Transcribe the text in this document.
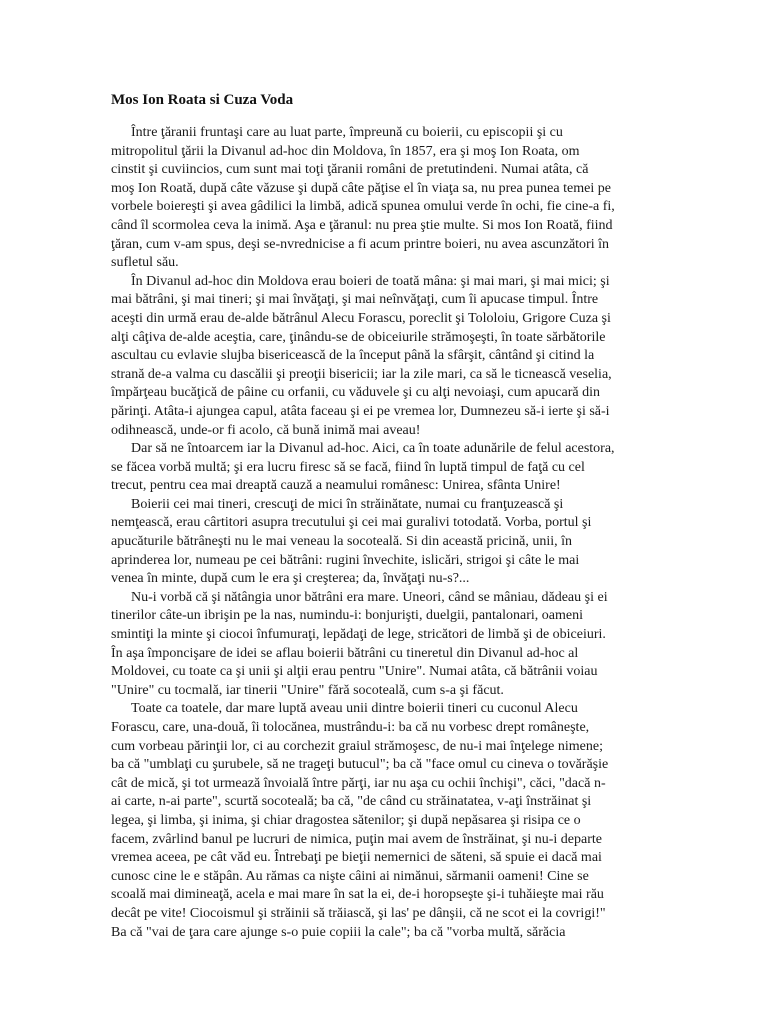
Mos Ion Roata si Cuza Voda
Între ţăranii fruntaşi care au luat parte, împreună cu boierii, cu episcopii şi cu
mitropolitul ţării la Divanul ad-hoc din Moldova, în 1857, era şi moş Ion Roata, om
cinstit şi cuviincios, cum sunt mai toţi ţăranii români de pretutindeni. Numai atâta, că
moş Ion Roată, după câte văzuse şi după câte păţise el în viaţa sa, nu prea punea temei pe
vorbele boiereşti şi avea gâdilici la limbă, adică spunea omului verde în ochi, fie cine-a fi,
când îl scormolea ceva la inimă. Aşa e ţăranul: nu prea ştie multe. Si mos Ion Roată, fiind
ţăran, cum v-am spus, deşi se-nvrednicise a fi acum printre boieri, nu avea ascunzători în
sufletul său.
În Divanul ad-hoc din Moldova erau boieri de toată mâna: şi mai mari, şi mai mici; şi
mai bătrâni, şi mai tineri; şi mai învăţaţi, şi mai neînvăţaţi, cum îi apucase timpul. Între
aceşti din urmă erau de-alde bătrânul Alecu Forascu, poreclit şi Tololoiu, Grigore Cuza şi
alţi câţiva de-alde aceştia, care, ţinându-se de obiceiurile strămoşeşti, în toate sărbătorile
ascultau cu evlavie slujba bisericească de la început până la sfârşit, cântând şi citind la
strană de-a valma cu dascălii şi preoţii bisericii; iar la zile mari, ca să le ticnească veselia,
împărţeau bucăţică de pâine cu orfanii, cu văduvele şi cu alţi nevoiaşi, cum apucară din
părinţi. Atâta-i ajungea capul, atâta faceau şi ei pe vremea lor, Dumnezeu să-i ierte şi să-i
odihnească, unde-or fi acolo, că bună inimă mai aveau!
Dar să ne întoarcem iar la Divanul ad-hoc. Aici, ca în toate adunările de felul acestora,
se făcea vorbă multă; şi era lucru firesc să se facă, fiind în luptă timpul de faţă cu cel
trecut, pentru cea mai dreaptă cauză a neamului românesc: Unirea, sfânta Unire!
Boierii cei mai tineri, crescuţi de mici în străinătate, numai cu franţuzească şi
nemţească, erau cârtitori asupra trecutului şi cei mai guralivi totodată. Vorba, portul şi
apucăturile bătrâneşti nu le mai veneau la socoteală. Si din această pricină, unii, în
aprinderea lor, numeau pe cei bătrâni: rugini învechite, islicări, strigoi şi câte le mai
venea în minte, după cum le era şi creşterea; da, învăţaţi nu-s?...
Nu-i vorbă că şi nătângia unor bătrâni era mare. Uneori, când se mâniau, dădeau şi ei
tinerilor câte-un ibrişin pe la nas, numindu-i: bonjurişti, duelgii, pantalonari, oameni
smintiţi la minte şi ciocoi înfumuraţi, lepădaţi de lege, stricători de limbă şi de obiceiuri.
În aşa împoncişare de idei se aflau boierii bătrâni cu tineretul din Divanul ad-hoc al
Moldovei, cu toate ca şi unii şi alţii erau pentru "Unire". Numai atâta, că bătrânii voiau
"Unire" cu tocmală, iar tinerii "Unire" fără socoteală, cum s-a şi făcut.
Toate ca toatele, dar mare luptă aveau unii dintre boierii tineri cu cuconul Alecu
Forascu, care, una-două, îi tolocănea, mustrându-i: ba că nu vorbesc drept româneşte,
cum vorbeau părinţii lor, ci au corchezit graiul strămoşesc, de nu-i mai înţelege nimene;
ba că "umblaţi cu şurubele, să ne trageţi butucul"; ba că "face omul cu cineva o tovărăşie
cât de mică, şi tot urmează învoială între părţi, iar nu aşa cu ochii închişi", căci, "dacă n-
ai carte, n-ai parte", scurtă socoteală; ba că, "de când cu străinatatea, v-aţi înstrăinat şi
legea, şi limba, şi inima, şi chiar dragostea sătenilor; şi după nepăsarea şi risipa ce o
facem, zvârlind banul pe lucruri de nimica, puţin mai avem de înstrăinat, şi nu-i departe
vremea aceea, pe cât văd eu. Întrebaţi pe bieţii nemernici de săteni, să spuie ei dacă mai
cunosc cine le e stăpân. Au rămas ca nişte câini ai nimănui, sărmanii oameni! Cine se
scoală mai dimineaţă, acela e mai mare în sat la ei, de-i horopseşte şi-i tuhăieşte mai rău
decât pe vite! Ciocoismul şi străinii să trăiască, şi las' pe dânşii, că ne scot ei la covrigi!"
Ba că "vai de ţara care ajunge s-o puie copiii la cale"; ba că "vorba multă, sărăcia
